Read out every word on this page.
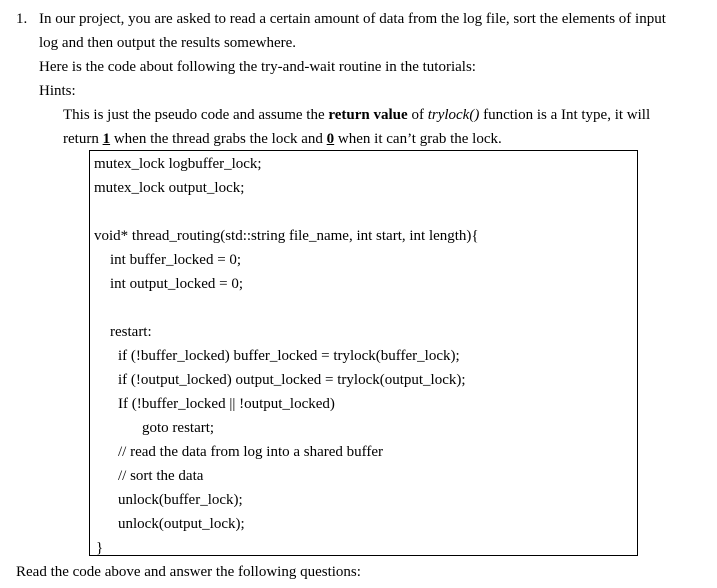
1. In our project, you are asked to read a certain amount of data from the log file, sort the elements of input
log and then output the results somewhere.
Here is the code about following the try-and-wait routine in the tutorials:
Hints:
This is just the pseudo code and assume the return value of trylock() function is a Int type, it will
return 1 when the thread grabs the lock and 0 when it can’t grab the lock.
mutex_lock logbuffer_lock;
mutex_lock output_lock;
void* thread_routing(std::string file_name, int start, int length){
int buffer_locked = 0;
int output_locked = 0;
restart:
if (!buffer_locked) buffer_locked = trylock(buffer_lock);
if (!output_locked) output_locked = trylock(output_lock);
If (!buffer_locked || !output_locked)
goto restart;
// read the data from log into a shared buffer
// sort the data
unlock(buffer_lock);
unlock(output_lock);
}
Read the code above and answer the following questions:
